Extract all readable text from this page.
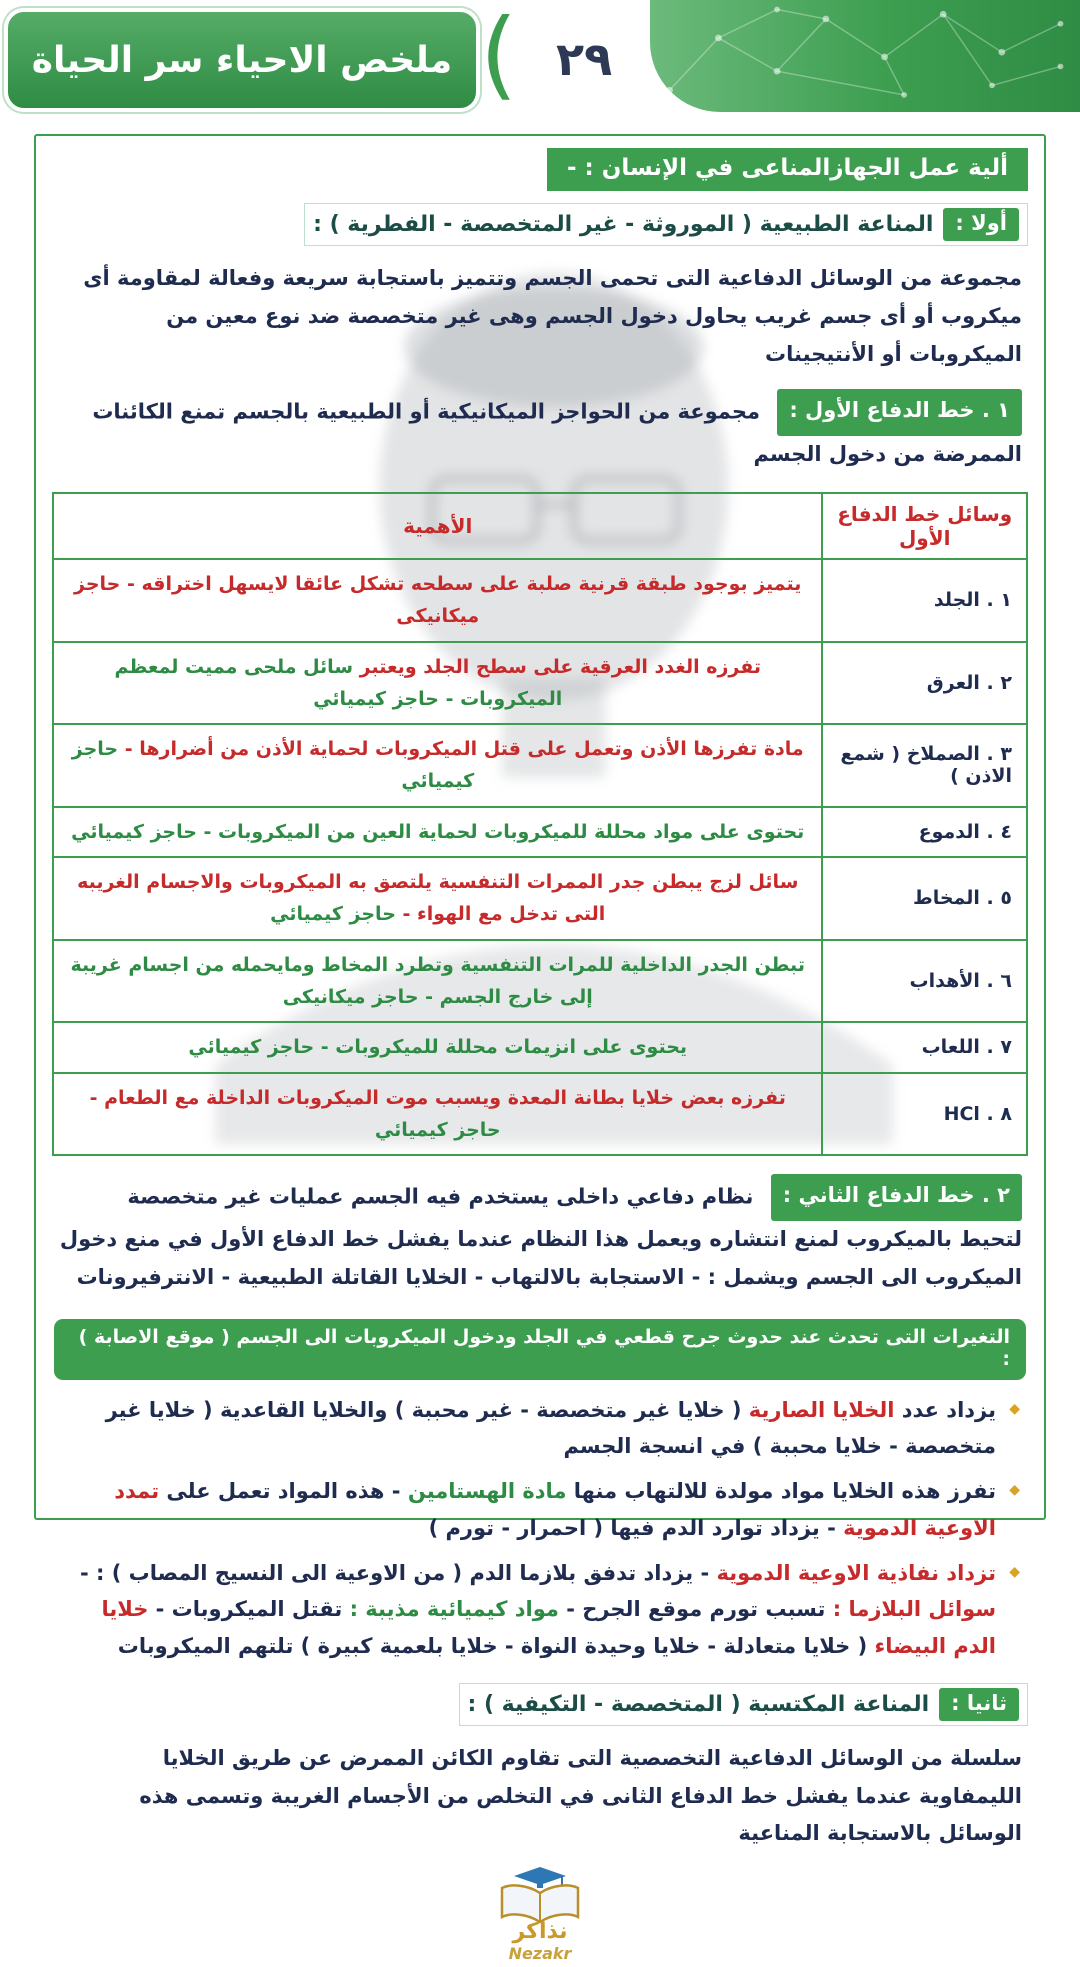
ملخص الاحياء سر الحياة ( ٢٩
ألية عمل الجهازالمناعى في الإنسان : -
أولا :
المناعة الطبيعية ( الموروثة - غير المتخصصة - الفطرية ) :

مجموعة من الوسائل الدفاعية التى تحمى الجسم وتتميز باستجابة سريعة وفعالة لمقاومة أى ميكروب أو أى جسم غريب يحاول دخول الجسم وهى غير متخصصة ضد نوع معين من الميكروبات أو الأنتيجينات

١ . خط الدفاع الأول : مجموعة من الحواجز الميكانيكية أو الطبيعية بالجسم تمنع الكائنات الممرضة من دخول الجسم

وسائل خط الدفاع الأول	الأهمية
١ . الجلد	يتميز بوجود طبقة قرنية صلبة على سطحه تشكل عائقا لايسهل اختراقه - حاجز ميكانيكى
٢ . العرق	تفرزه الغدد العرقية على سطح الجلد ويعتبر سائل ملحى مميت لمعظم الميكروبات - حاجز كيميائي
٣ . الصملاخ ( شمع الاذن )	مادة تفرزها الأذن وتعمل على قتل الميكروبات لحماية الأذن من أضرارها - حاجز كيميائي
٤ . الدموع	تحتوى على مواد محللة للميكروبات لحماية العين من الميكروبات - حاجز كيميائي
٥ . المخاط	سائل لزج يبطن جدر الممرات التنفسية يلتصق به الميكروبات والاجسام الغريبه التى تدخل مع الهواء - حاجز كيميائي
٦ . الأهداب	تبطن الجدر الداخلية للمرات التنفسية وتطرد المخاط ومايحمله من اجسام غريبة إلى خارج الجسم - حاجز ميكانيكى
٧ . اللعاب	يحتوى على انزيمات محللة للميكروبات - حاجز كيميائي
٨ . HCl	تفرزه بعض خلايا بطانة المعدة ويسبب موت الميكروبات الداخلة مع الطعام - حاجز كيميائي

٢ . خط الدفاع الثاني : نظام دفاعي داخلى يستخدم فيه الجسم عمليات غير متخصصة لتحيط بالميكروب لمنع انتشاره ويعمل هذا النظام عندما يفشل خط الدفاع الأول في منع دخول الميكروب الى الجسم ويشمل : - الاستجابة بالالتهاب - الخلايا القاتلة الطبيعية - الانترفيرونات

التغيرات التى تحدث عند حدوث جرح قطعي في الجلد ودخول الميكروبات الى الجسم ( موقع الاصابة ) :
◆ يزداد عدد الخلايا الصارية ( خلايا غير متخصصة - غير محببة ) والخلايا القاعدية ( خلايا غير متخصصة - خلايا محببة ) في انسجة الجسم
◆ تفرز هذه الخلايا مواد مولدة للالتهاب منها مادة الهستامين - هذه المواد تعمل على تمدد الاوعية الدموية - يزداد توارد الدم فيها ( احمرار - تورم )
◆ تزداد نفاذية الاوعية الدموية - يزداد تدفق بلازما الدم ( من الاوعية الى النسيج المصاب ) : - سوائل البلازما : تسبب تورم موقع الجرح - مواد كيميائية مذيبة : تقتل الميكروبات - خلايا الدم البيضاء ( خلايا متعادلة - خلايا وحيدة النواة - خلايا بلعمية كبيرة ) تلتهم الميكروبات
ثانيا :
المناعة المكتسبة ( المتخصصة - التكيفية ) :

سلسلة من الوسائل الدفاعية التخصصية التى تقاوم الكائن الممرض عن طريق الخلايا الليمفاوية عندما يفشل خط الدفاع الثانى في التخلص من الأجسام الغريبة وتسمى هذه الوسائل بالاستجابة المناعية

نذاكر
Nezakr
